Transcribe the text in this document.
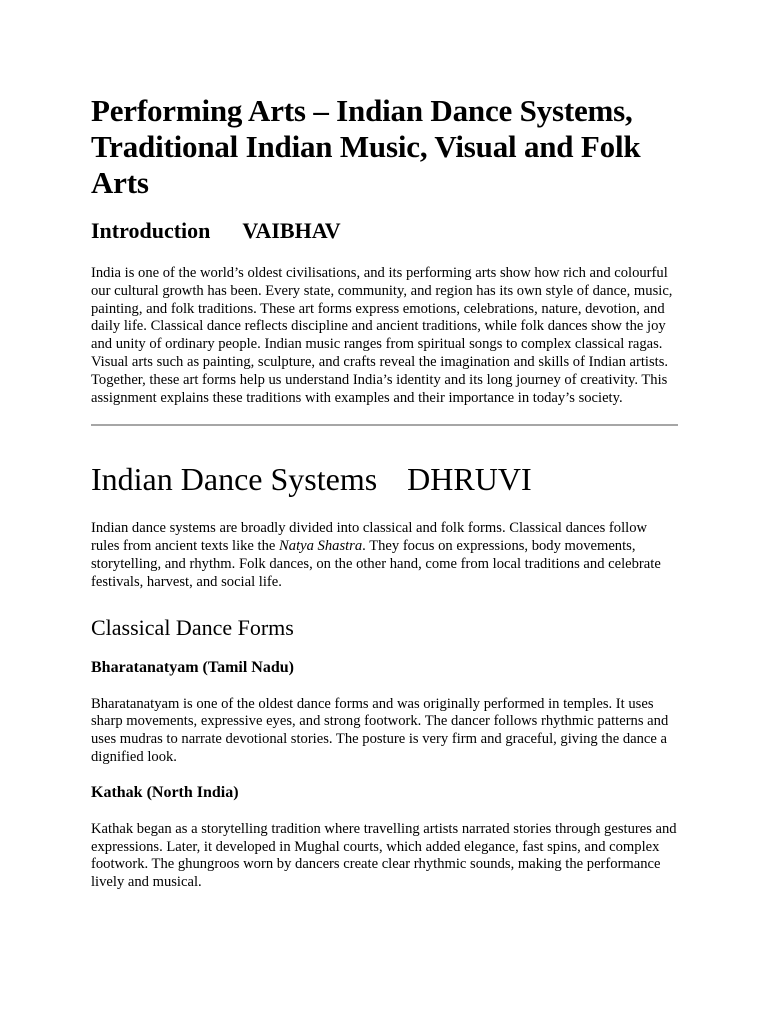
Performing Arts – Indian Dance Systems, Traditional Indian Music, Visual and Folk Arts
Introduction VAIBHAV

India is one of the world’s oldest civilisations, and its performing arts show how rich and colourful our cultural growth has been. Every state, community, and region has its own style of dance, music, painting, and folk traditions. These art forms express emotions, celebrations, nature, devotion, and daily life. Classical dance reflects discipline and ancient traditions, while folk dances show the joy and unity of ordinary people. Indian music ranges from spiritual songs to complex classical ragas. Visual arts such as painting, sculpture, and crafts reveal the imagination and skills of Indian artists. Together, these art forms help us understand India’s identity and its long journey of creativity. This assignment explains these traditions with examples and their importance in today’s society.

Indian Dance Systems DHRUVI

Indian dance systems are broadly divided into classical and folk forms. Classical dances follow rules from ancient texts like the Natya Shastra. They focus on expressions, body movements, storytelling, and rhythm. Folk dances, on the other hand, come from local traditions and celebrate festivals, harvest, and social life.

Classical Dance Forms
Bharatanatyam (Tamil Nadu)

Bharatanatyam is one of the oldest dance forms and was originally performed in temples. It uses sharp movements, expressive eyes, and strong footwork. The dancer follows rhythmic patterns and uses mudras to narrate devotional stories. The posture is very firm and graceful, giving the dance a dignified look.

Kathak (North India)

Kathak began as a storytelling tradition where travelling artists narrated stories through gestures and expressions. Later, it developed in Mughal courts, which added elegance, fast spins, and complex footwork. The ghungroos worn by dancers create clear rhythmic sounds, making the performance lively and musical.
